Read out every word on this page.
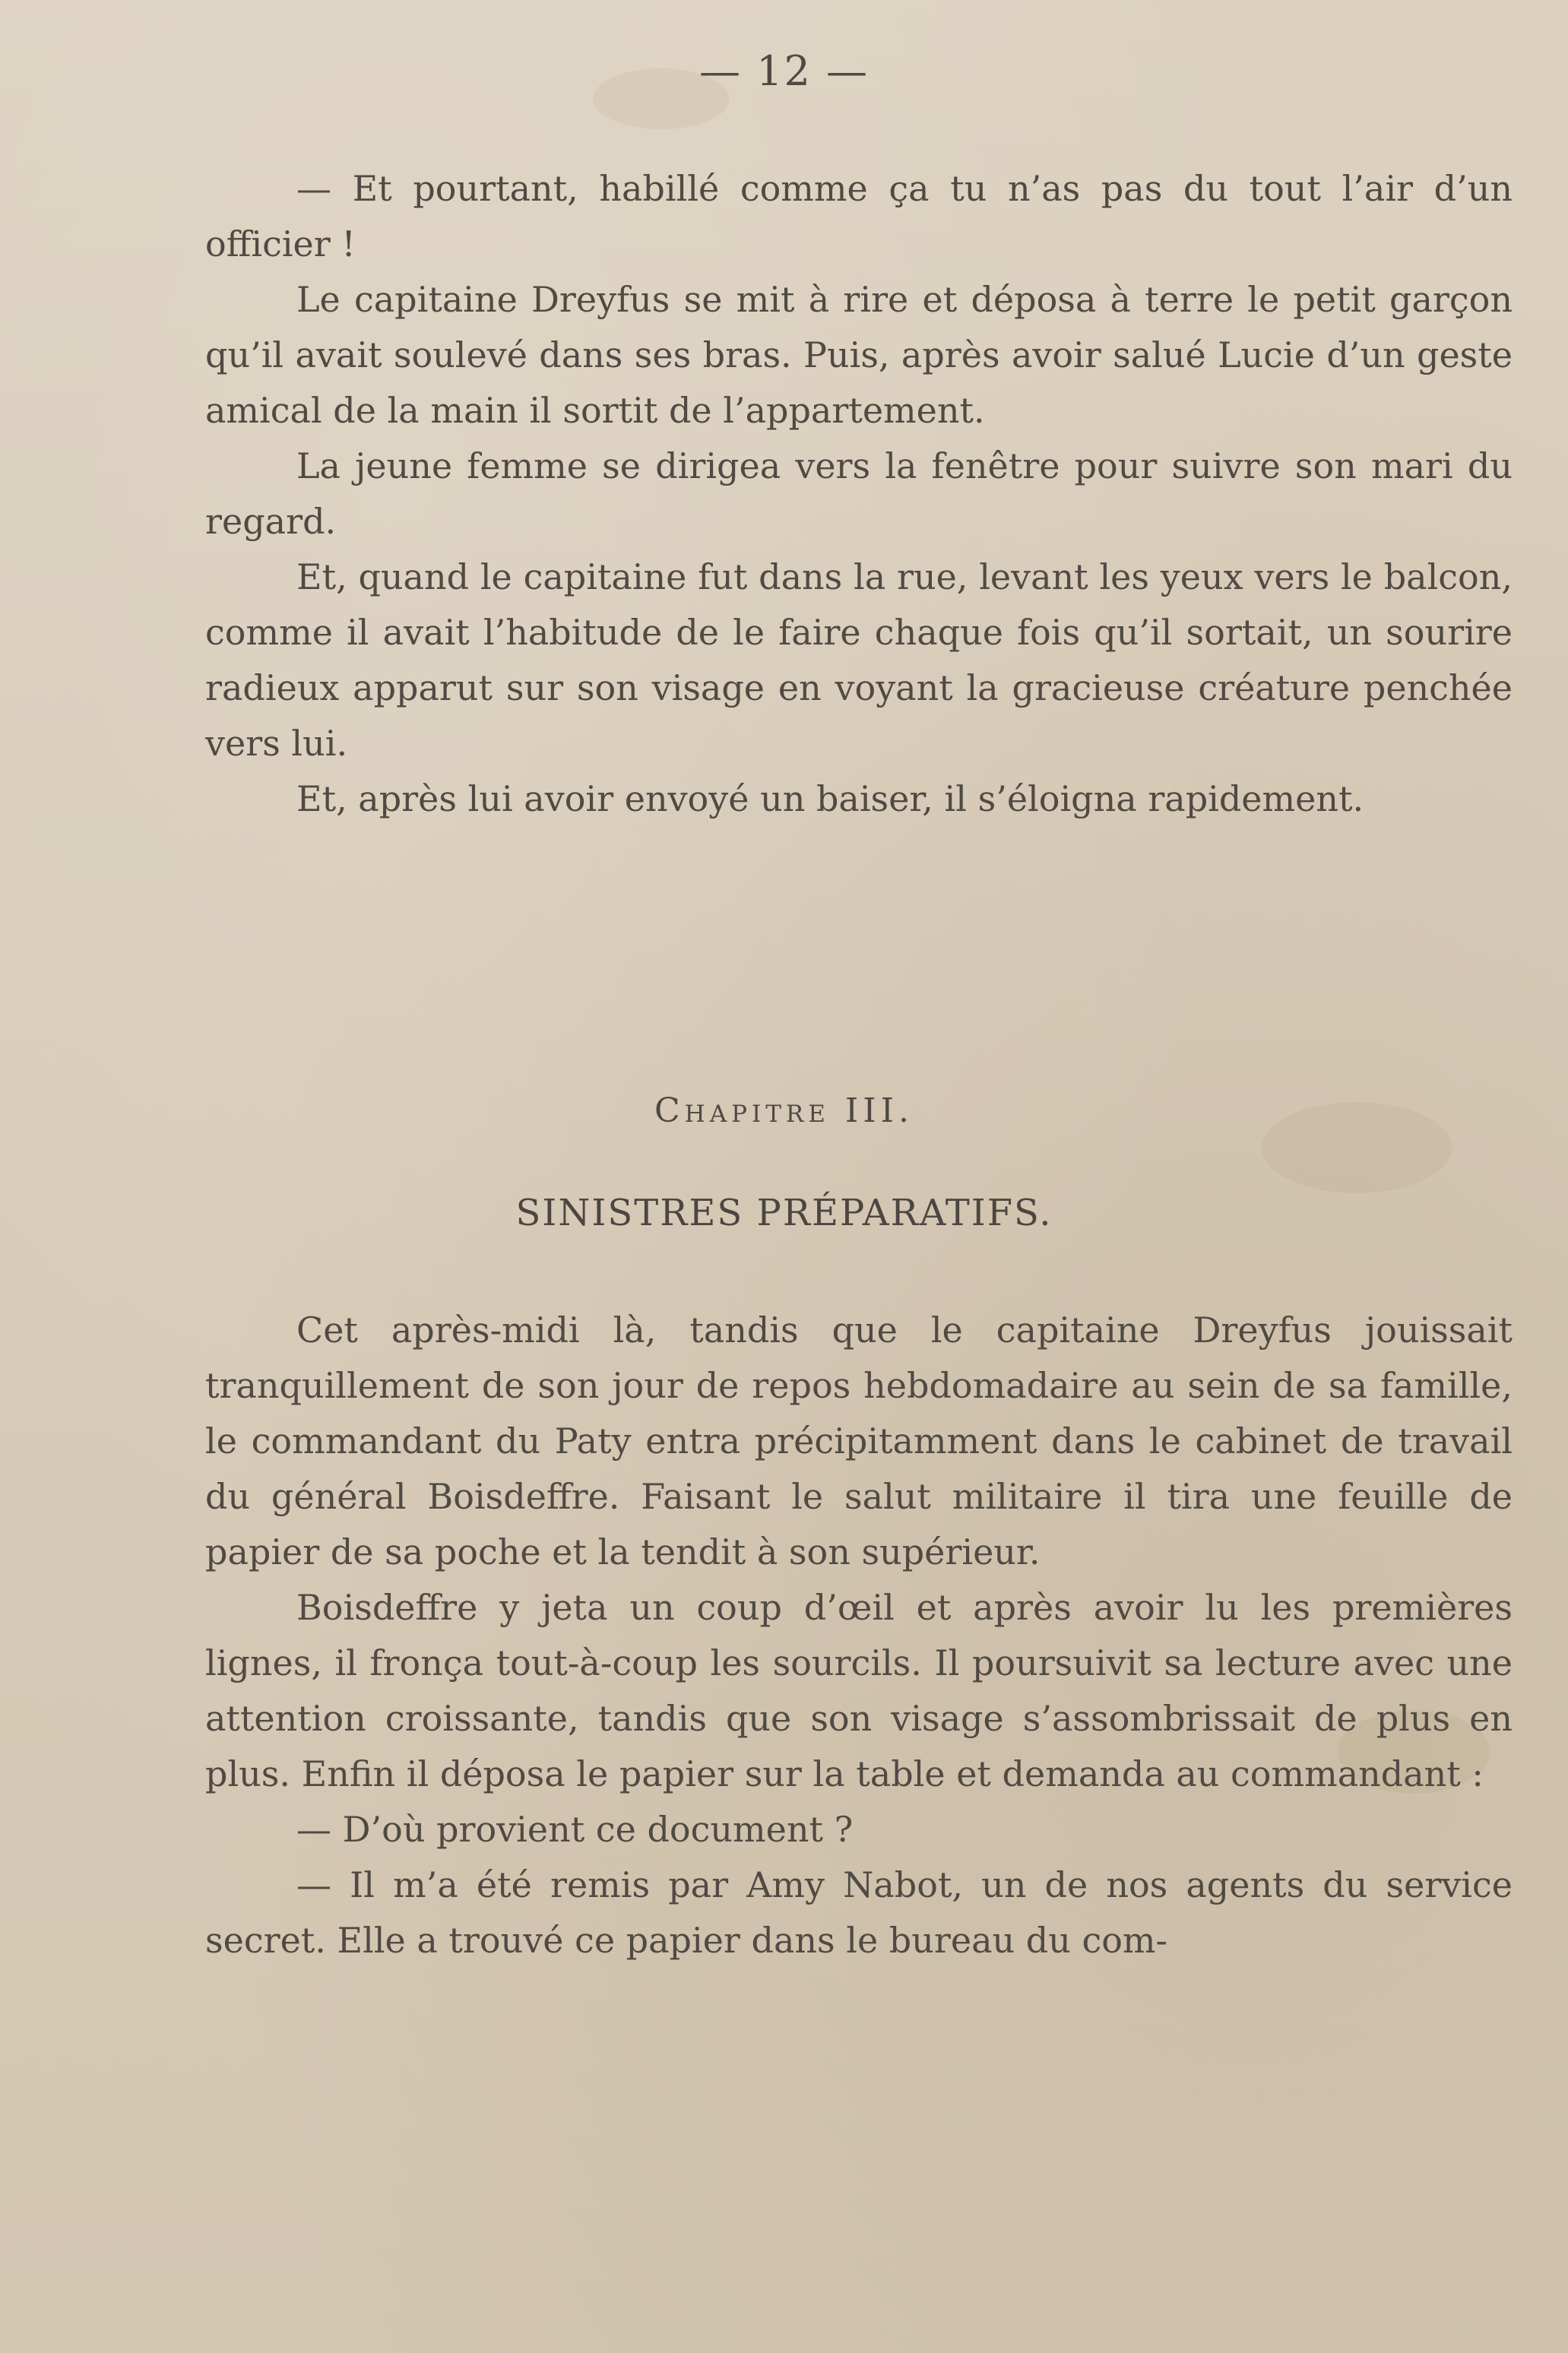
— 12 —

— Et pourtant, habillé comme ça tu n’as pas du tout l’air d’un officier !

Le capitaine Dreyfus se mit à rire et déposa à terre le petit garçon qu’il avait soulevé dans ses bras. Puis, après avoir salué Lucie d’un geste amical de la main il sortit de l’appartement.

La jeune femme se dirigea vers la fenêtre pour suivre son mari du regard.

Et, quand le capitaine fut dans la rue, levant les yeux vers le balcon, comme il avait l’habitude de le faire chaque fois qu’il sortait, un sourire radieux apparut sur son visage en voyant la gracieuse créature penchée vers lui.

Et, après lui avoir envoyé un baiser, il s’éloigna rapidement.

Chapitre III.
SINISTRES PRÉPARATIFS.

Cet après-midi là, tandis que le capitaine Dreyfus jouissait tranquillement de son jour de repos hebdomadaire au sein de sa famille, le commandant du Paty entra précipitamment dans le cabinet de travail du général Boisdeffre. Faisant le salut militaire il tira une feuille de papier de sa poche et la tendit à son supérieur.

Boisdeffre y jeta un coup d’œil et après avoir lu les premières lignes, il fronça tout-à-coup les sourcils. Il poursuivit sa lecture avec une attention croissante, tandis que son visage s’assombrissait de plus en plus. Enfin il déposa le papier sur la table et demanda au commandant :

— D’où provient ce document ?

— Il m’a été remis par Amy Nabot, un de nos agents du service secret. Elle a trouvé ce papier dans le bureau du com-
